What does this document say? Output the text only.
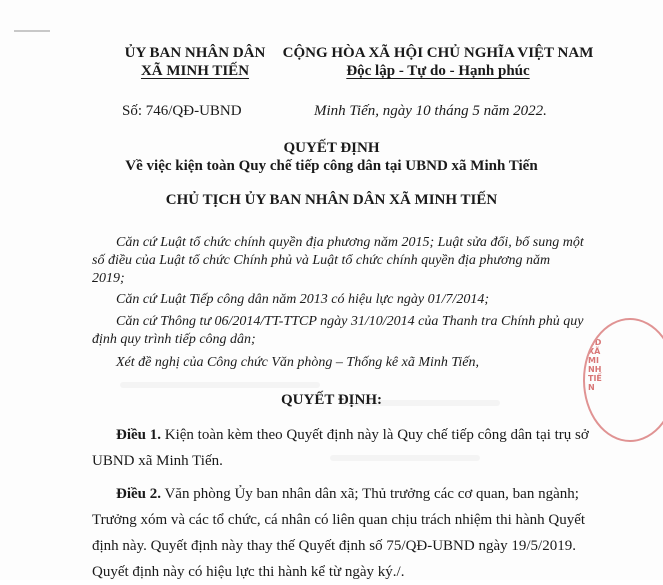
ỦY BAN NHÂN DÂN
XÃ MINH TIẾN
CỘNG HÒA XÃ HỘI CHỦ NGHĨA VIỆT NAM
Độc lập - Tự do - Hạnh phúc
Số: 746/QĐ-UBND	Minh Tiến, ngày 10 tháng 5 năm 2022.
QUYẾT ĐỊNH
Về việc kiện toàn Quy chế tiếp công dân tại UBND xã Minh Tiến
CHỦ TỊCH ỦY BAN NHÂN DÂN XÃ MINH TIẾN
Căn cứ Luật tổ chức chính quyền địa phương năm 2015; Luật sửa đổi, bổ sung một số điều của Luật tổ chức Chính phủ và Luật tổ chức chính quyền địa phương năm 2019;
Căn cứ Luật Tiếp công dân năm 2013 có hiệu lực ngày 01/7/2014;
Căn cứ Thông tư 06/2014/TT-TTCP ngày 31/10/2014 của Thanh tra Chính phủ quy định quy trình tiếp công dân;
Xét đề nghị của Công chức Văn phòng – Thống kê xã Minh Tiến,
QUYẾT ĐỊNH:
Điều 1. Kiện toàn kèm theo Quyết định này là Quy chế tiếp công dân tại trụ sở UBND xã Minh Tiến.
Điều 2. Văn phòng Ủy ban nhân dân xã; Thủ trưởng các cơ quan, ban ngành; Trưởng xóm và các tổ chức, cá nhân có liên quan chịu trách nhiệm thi hành Quyết định này. Quyết định này thay thế Quyết định số 75/QĐ-UBND ngày 19/5/2019. Quyết định này có hiệu lực thi hành kể từ ngày ký./.
ND XÃ MINH TIẾN
